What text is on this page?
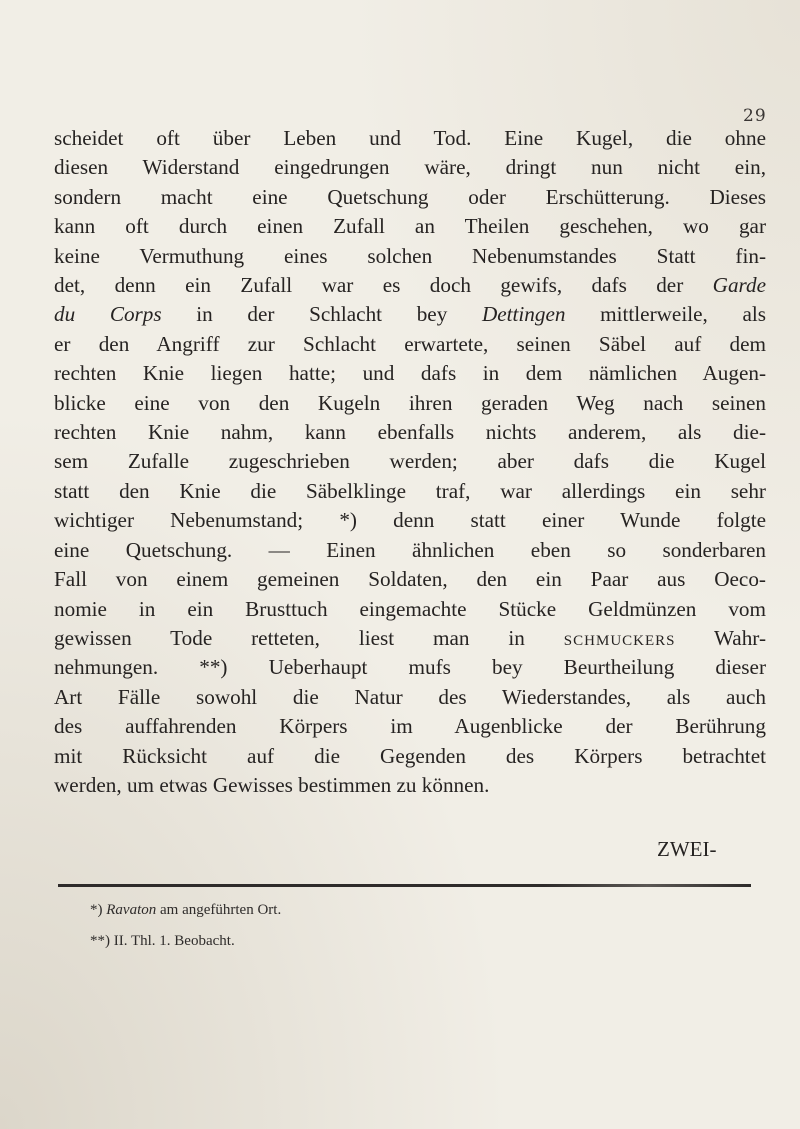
29
scheidet oft über Leben und Tod. Eine Kugel, die ohne
diesen Widerstand eingedrungen wäre, dringt nun nicht ein,
sondern macht eine Quetschung oder Erschütterung. Dieses
kann oft durch einen Zufall an Theilen geschehen, wo gar
keine Vermuthung eines solchen Nebenumstandes Statt fin-
det, denn ein Zufall war es doch gewifs, dafs der Garde
du Corps in der Schlacht bey Dettingen mittlerweile, als
er den Angriff zur Schlacht erwartete, seinen Säbel auf dem
rechten Knie liegen hatte; und dafs in dem nämlichen Augen-
blicke eine von den Kugeln ihren geraden Weg nach seinen
rechten Knie nahm, kann ebenfalls nichts anderem, als die-
sem Zufalle zugeschrieben werden; aber dafs die Kugel
statt den Knie die Säbelklinge traf, war allerdings ein sehr
wichtiger Nebenumstand; *) denn statt einer Wunde folgte
eine Quetschung. — Einen ähnlichen eben so sonderbaren
Fall von einem gemeinen Soldaten, den ein Paar aus Oeco-
nomie in ein Brusttuch eingemachte Stücke Geldmünzen vom
gewissen Tode retteten, liest man in schmuckers Wahr-
nehmungen. **) Ueberhaupt mufs bey Beurtheilung dieser
Art Fälle sowohl die Natur des Wiederstandes, als auch
des auffahrenden Körpers im Augenblicke der Berührung
mit Rücksicht auf die Gegenden des Körpers betrachtet
werden, um etwas Gewisses bestimmen zu können.
ZWEI-
*) Ravaton am angeführten Ort.
**) II. Thl. 1. Beobacht.
